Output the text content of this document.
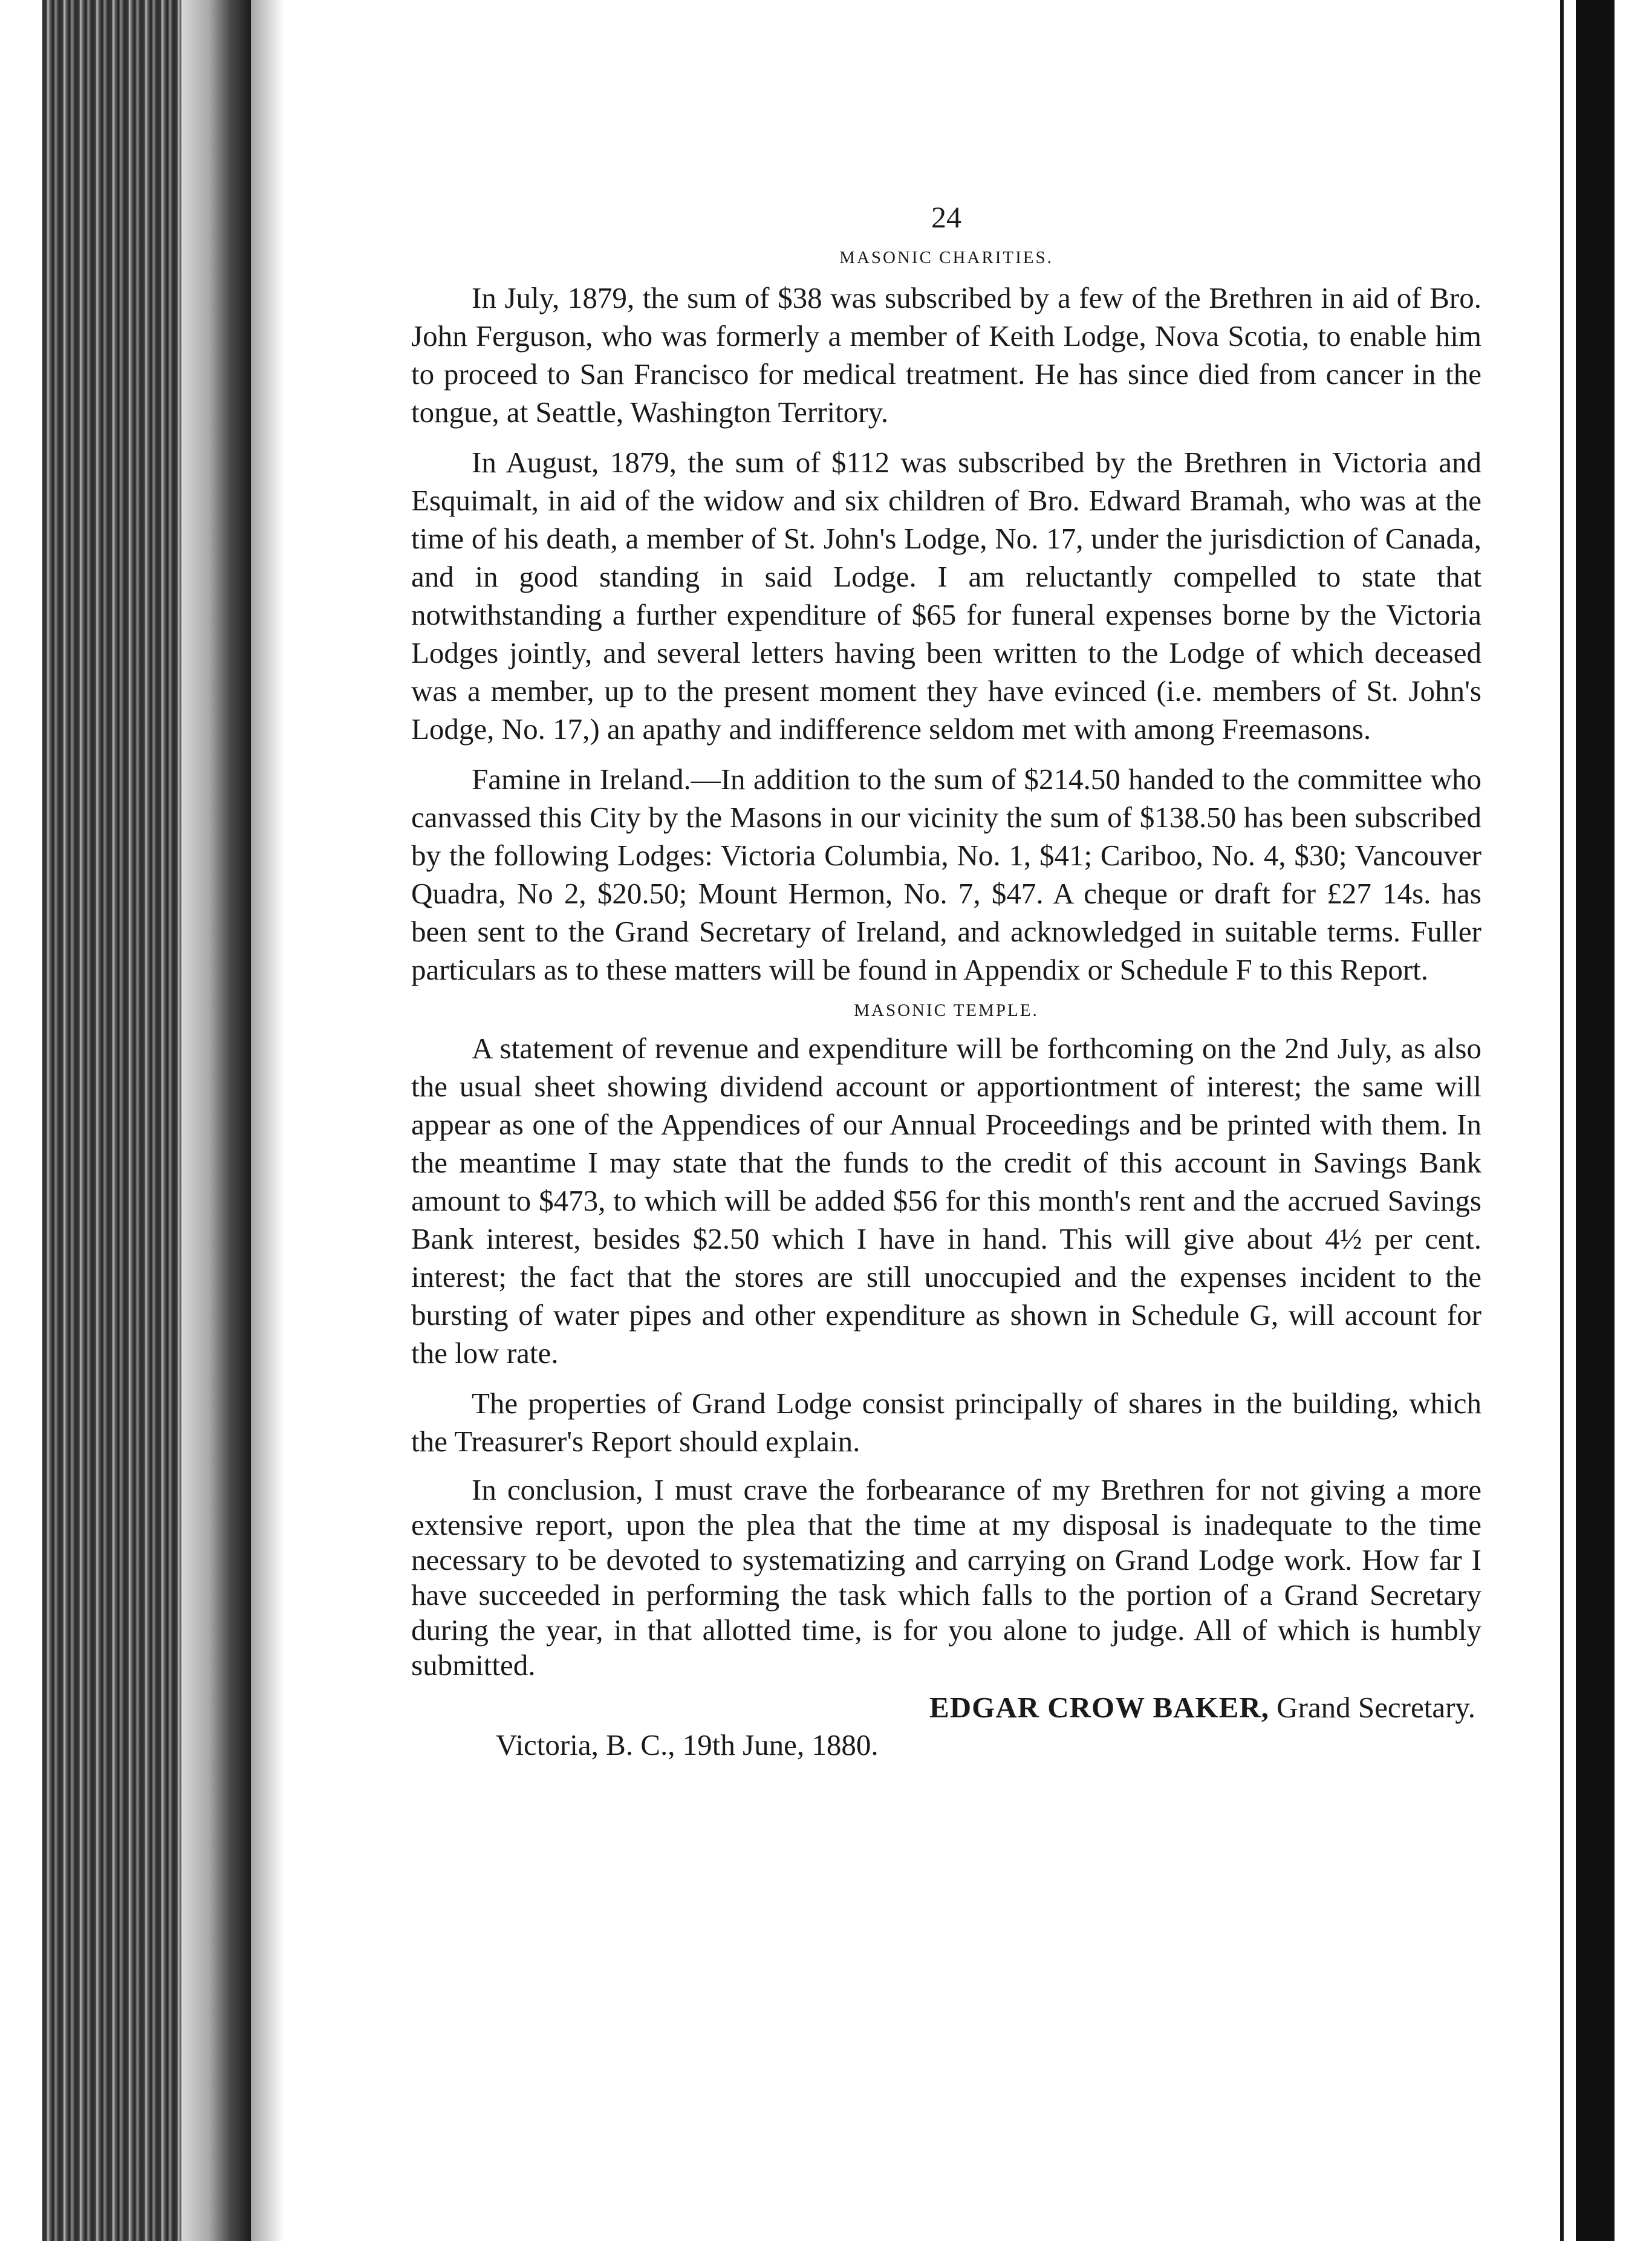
24
MASONIC CHARITIES.

In July, 1879, the sum of $38 was subscribed by a few of the Brethren in aid of Bro. John Ferguson, who was formerly a member of Keith Lodge, Nova Scotia, to enable him to proceed to San Francisco for medical treatment. He has since died from cancer in the tongue, at Seattle, Washington Territory.

In August, 1879, the sum of $112 was subscribed by the Brethren in Victoria and Esquimalt, in aid of the widow and six children of Bro. Edward Bramah, who was at the time of his death, a member of St. John's Lodge, No. 17, under the jurisdiction of Canada, and in good standing in said Lodge. I am reluctantly compelled to state that notwithstanding a further expenditure of $65 for funeral expenses borne by the Victoria Lodges jointly, and several letters having been written to the Lodge of which deceased was a member, up to the present moment they have evinced (i.e. members of St. John's Lodge, No. 17,) an apathy and indifference seldom met with among Freemasons.

Famine in Ireland.—In addition to the sum of $214.50 handed to the committee who canvassed this City by the Masons in our vicinity the sum of $138.50 has been subscribed by the following Lodges: Victoria Columbia, No. 1, $41; Cariboo, No. 4, $30; Vancouver Quadra, No 2, $20.50; Mount Hermon, No. 7, $47. A cheque or draft for £27 14s. has been sent to the Grand Secretary of Ireland, and acknowledged in suitable terms. Fuller particulars as to these matters will be found in Appendix or Schedule F to this Report.

MASONIC TEMPLE.

A statement of revenue and expenditure will be forthcoming on the 2nd July, as also the usual sheet showing dividend account or apportiontment of interest; the same will appear as one of the Appendices of our Annual Proceedings and be printed with them. In the meantime I may state that the funds to the credit of this account in Savings Bank amount to $473, to which will be added $56 for this month's rent and the accrued Savings Bank interest, besides $2.50 which I have in hand. This will give about 4½ per cent. interest; the fact that the stores are still unoccupied and the expenses incident to the bursting of water pipes and other expenditure as shown in Schedule G, will account for the low rate.

The properties of Grand Lodge consist principally of shares in the building, which the Treasurer's Report should explain.

In conclusion, I must crave the forbearance of my Brethren for not giving a more extensive report, upon the plea that the time at my disposal is inadequate to the time necessary to be devoted to systematizing and carrying on Grand Lodge work. How far I have succeeded in performing the task which falls to the portion of a Grand Secretary during the year, in that allotted time, is for you alone to judge. All of which is humbly submitted.

EDGAR CROW BAKER, Grand Secretary.
Victoria, B. C., 19th June, 1880.
